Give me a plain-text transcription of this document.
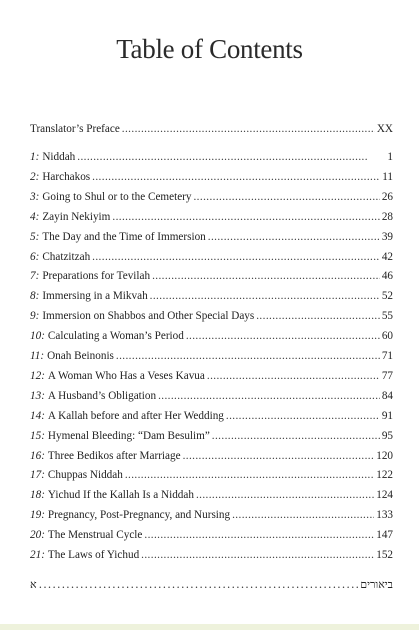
Table of Contents
Translator’s Preface . . .	XX
1: Niddah . . .	1
2: Harchakos . . .	11
3: Going to Shul or to the Cemetery . . .	26
4: Zayin Nekiyim . . .	28
5: The Day and the Time of Immersion . . .	39
6: Chatzitzah . . .	42
7: Preparations for Tevilah . . .	46
8: Immersing in a Mikvah . . .	52
9: Immersion on Shabbos and Other Special Days . . .	55
10: Calculating a Woman’s Period . . .	60
11: Onah Beinonis . . .	71
12: A Woman Who Has a Veses Kavua . . .	77
13: A Husband’s Obligation . . .	84
14: A Kallah before and after Her Wedding . . .	91
15: Hymenal Bleeding: “Dam Besulim” . . .	95
16: Three Bedikos after Marriage . . .	120
17: Chuppas Niddah . . .	122
18: Yichud If the Kallah Is a Niddah . . .	124
19: Pregnancy, Post-Pregnancy, and Nursing . . .	133
20: The Menstrual Cycle . . .	147
21: The Laws of Yichud . . .	152
א . . .	ביאורים
